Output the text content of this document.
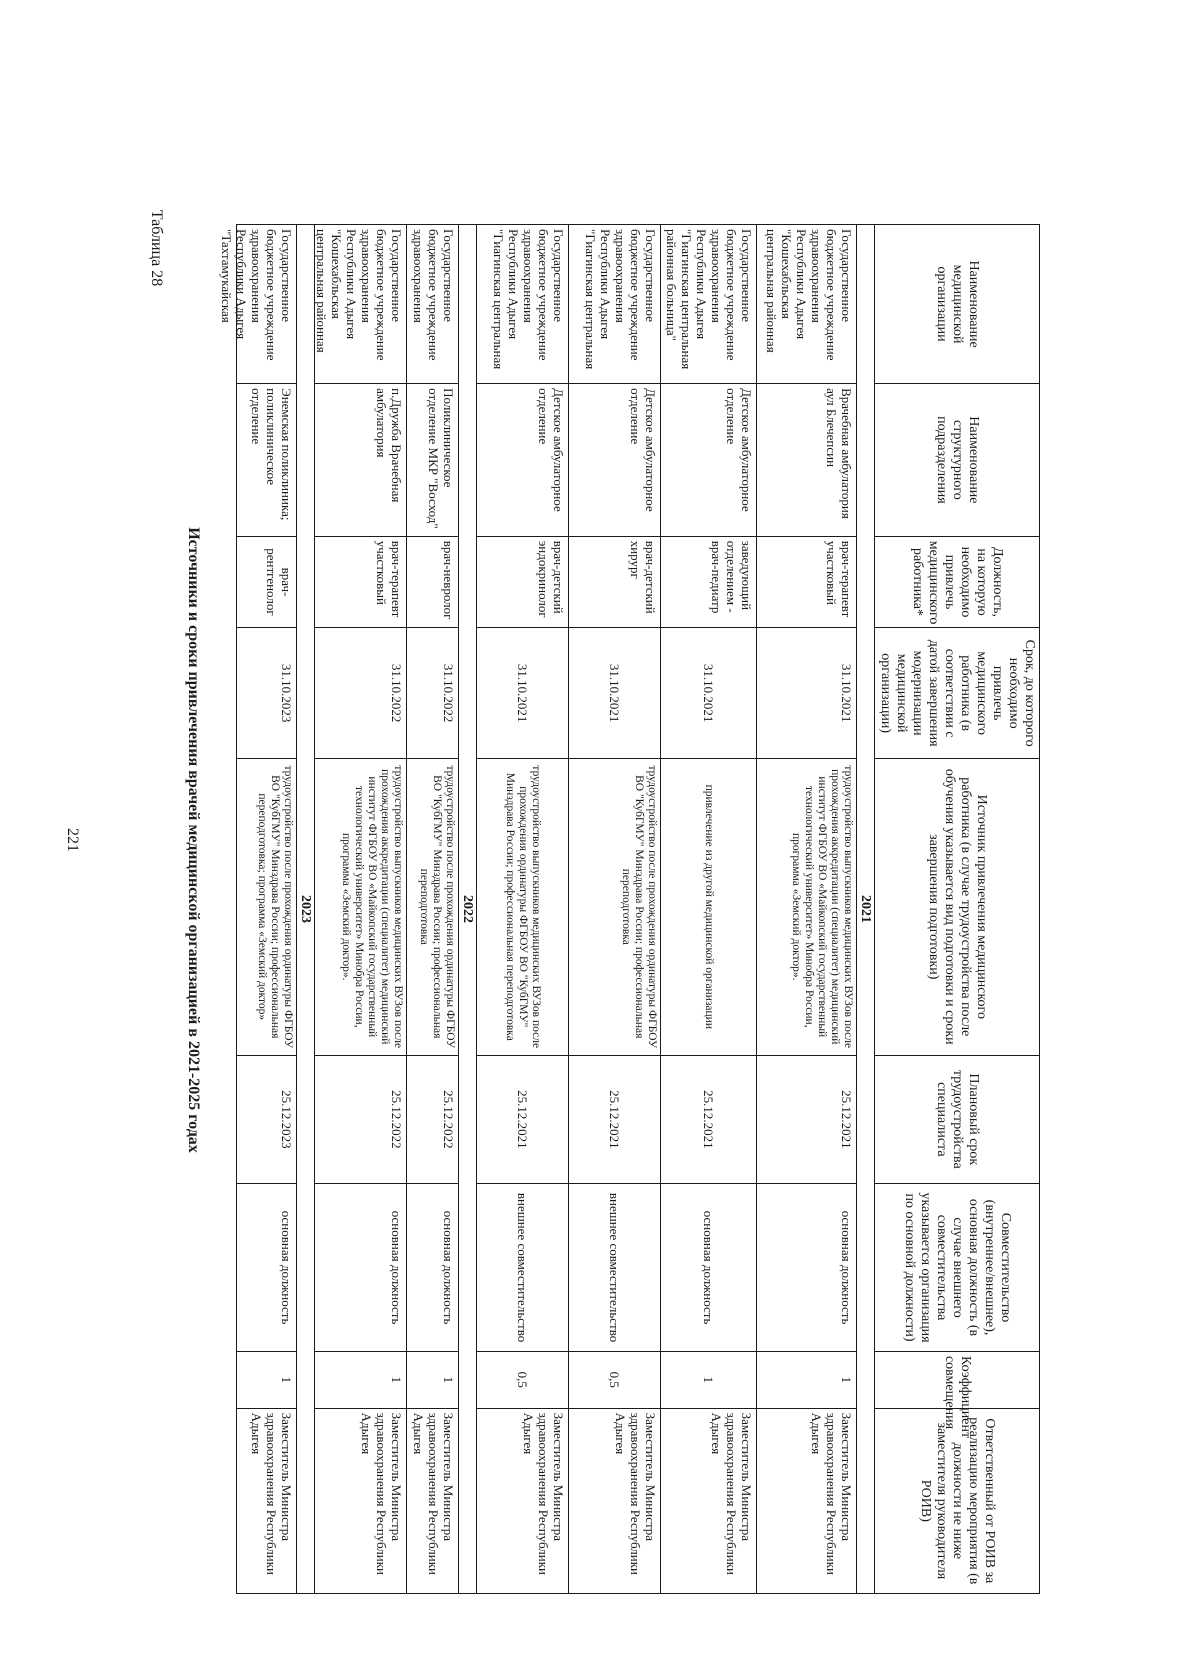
221
Таблица 28
Источники и сроки привлечения врачей медицинской организацией в 2021-2025 годах
Наименование медицинской организации	Наименование структурного подразделения	Должность, на которую необходимо привлечь медицинского работника*	Срок, до которого необходимо привлечь медицинского работника (в соответствии с датой завершения модернизации медицинской организации)	Источник привлечения медицинского работника (в случае трудоустройства после обучения указывается вид подготовки и сроки завершения подготовки)	Плановый срок трудоустройства специалиста	Совместительство (внутреннее/внешнее), основная должность (в случае внешнего совместительства указывается организация по основной должности)	Коэффициент совмещения	Ответственный от РОИВ за реализацию мероприятия (в должности не ниже заместителя руководителя РОИВ)
2021								

Государственное бюджетное учреждение здравоохранения Республики Адыгея "Кошехабльская центральная районная	Врачебная амбулатория аул Блечепсин	врач-терапевт участковый	31.10.2021	трудоустройство выпускников медицинских ВУЗов после прохождения аккредитации (специалитет) медицинский институт ФГБОУ ВО «Майкопский государственный технологический университет» Минобра России, программа «Земский доктор».	25.12.2021	основная должность	1	Заместитель Министра здравоохранения Республики Адыгея

Государственное бюджетное учреждение здравоохранения Республики Адыгея "Гиагинская центральная районная больница"	Детское амбулаторное отделение	заведующий отделением - врач-педиатр	31.10.2021	привлечение из другой медицинской организации	25.12.2021	основная должность	1	Заместитель Министра здравоохранения Республики Адыгея

Государственное бюджетное учреждение здравоохранения Республики Адыгея "Гиагинская центральная	Детское амбулаторное отделение	врач-детский хирург	31.10.2021	трудоустройство после прохождения ординатуры ФГБОУ ВО "КубГМУ" Минздрава России; профессиональная переподготовка	25.12.2021	внешнее совместительство	0,5	Заместитель Министра здравоохранения Республики Адыгея

Государственное бюджетное учреждение здравоохранения Республики Адыгея "Гиагинская центральная	Детское амбулаторное отделение	врач-детский эндокринолог	31.10.2021	трудоустройство выпускников медицинских ВУЗов после прохождения ординатуры ФГБОУ ВО "КубГМУ" Минздрава России; профессиональная переподготовка	25.12.2021	внешнее совместительство	0,5	Заместитель Министра здравоохранения Республики Адыгея
2022								
Государственное бюджетное учреждение здравоохранения	Поликлиническое отделение МКР "Восход"	врач-невролог	31.10.2022	трудоустройство после прохождения ординатуры ФГБОУ ВО "КубГМУ" Минздрава России; профессиональная переподготовка	25.12.2022	основная должность	1	Заместитель Министра здравоохранения Республики Адыгея

Государственное бюджетное учреждение здравоохранения Республики Адыгея "Кошехабльская центральная районная	п.Дружба Врачебная амбулатория	врач-терапевт участковый	31.10.2022	трудоустройство выпускников медицинских ВУЗов после прохождения аккредитации (специалитет) медицинский институт ФГБОУ ВО «Майкопский государственный технологический университет» Минобра России, программа «Земский доктор».	25.12.2022	основная должность	1	Заместитель Министра здравоохранения Республики Адыгея
2023								

Государственное бюджетное учреждение здравоохранения Республики Адыгея "Тахтамукайская	Энемская поликлиника; поликлиническое отделение	врач-рентгенолог	31.10.2023	трудоустройство после прохождения ординатуры ФГБОУ ВО "КубГМУ" Минздрава России; профессиональная переподготовка; программа «Земский доктор»	25.12.2023	основная должность	1	Заместитель Министра здравоохранения Республики Адыгея
